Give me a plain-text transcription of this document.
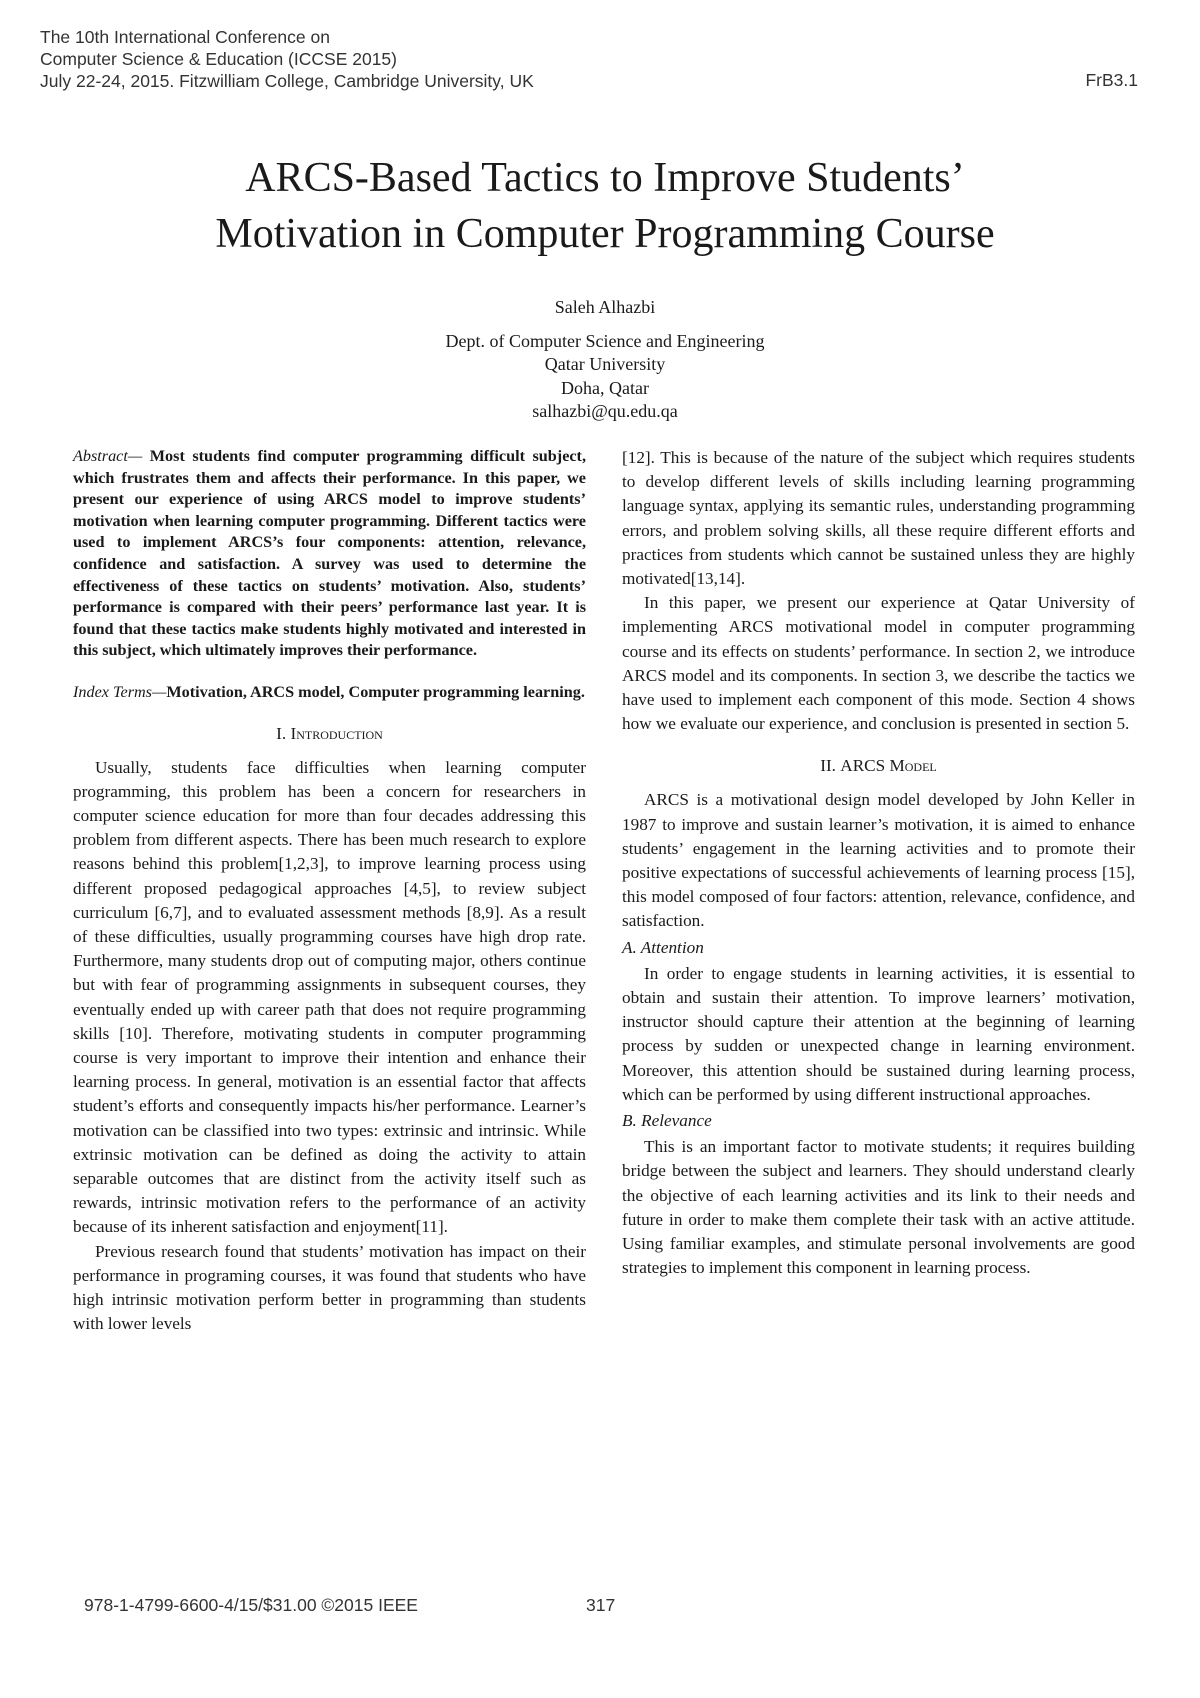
The 10th International Conference on
Computer Science & Education (ICCSE 2015)
July 22-24, 2015. Fitzwilliam College, Cambridge University, UK	FrB3.1
ARCS-Based Tactics to Improve Students’
Motivation in Computer Programming Course
Saleh Alhazbi
Dept. of Computer Science and Engineering
Qatar University
Doha, Qatar
salhazbi@qu.edu.qa

Abstract— Most students find computer programming difficult subject, which frustrates them and affects their performance. In this paper, we present our experience of using ARCS model to improve students’ motivation when learning computer programming. Different tactics were used to implement ARCS’s four components: attention, relevance, confidence and satisfaction. A survey was used to determine the effectiveness of these tactics on students’ motivation. Also, students’ performance is compared with their peers’ performance last year. It is found that these tactics make students highly motivated and interested in this subject, which ultimately improves their performance.

Index Terms—Motivation, ARCS model, Computer programming learning.

I. Introduction

Usually, students face difficulties when learning computer programming, this problem has been a concern for researchers in computer science education for more than four decades addressing this problem from different aspects. There has been much research to explore reasons behind this problem[1,2,3], to improve learning process using different proposed pedagogical approaches [4,5], to review subject curriculum [6,7], and to evaluated assessment methods [8,9]. As a result of these difficulties, usually programming courses have high drop rate. Furthermore, many students drop out of computing major, others continue but with fear of programming assignments in subsequent courses, they eventually ended up with career path that does not require programming skills [10]. Therefore, motivating students in computer programming course is very important to improve their intention and enhance their learning process. In general, motivation is an essential factor that affects student’s efforts and consequently impacts his/her performance. Learner’s motivation can be classified into two types: extrinsic and intrinsic. While extrinsic motivation can be defined as doing the activity to attain separable outcomes that are distinct from the activity itself such as rewards, intrinsic motivation refers to the performance of an activity because of its inherent satisfaction and enjoyment[11].

Previous research found that students’ motivation has impact on their performance in programing courses, it was found that students who have high intrinsic motivation perform better in programming than students with lower levels

[12]. This is because of the nature of the subject which requires students to develop different levels of skills including learning programming language syntax, applying its semantic rules, understanding programming errors, and problem solving skills, all these require different efforts and practices from students which cannot be sustained unless they are highly motivated[13,14].

In this paper, we present our experience at Qatar University of implementing ARCS motivational model in computer programming course and its effects on students’ performance. In section 2, we introduce ARCS model and its components. In section 3, we describe the tactics we have used to implement each component of this mode. Section 4 shows how we evaluate our experience, and conclusion is presented in section 5.

II. ARCS Model

ARCS is a motivational design model developed by John Keller in 1987 to improve and sustain learner’s motivation, it is aimed to enhance students’ engagement in the learning activities and to promote their positive expectations of successful achievements of learning process [15], this model composed of four factors: attention, relevance, confidence, and satisfaction.

A. Attention

In order to engage students in learning activities, it is essential to obtain and sustain their attention. To improve learners’ motivation, instructor should capture their attention at the beginning of learning process by sudden or unexpected change in learning environment. Moreover, this attention should be sustained during learning process, which can be performed by using different instructional approaches.

B. Relevance

This is an important factor to motivate students; it requires building bridge between the subject and learners. They should understand clearly the objective of each learning activities and its link to their needs and future in order to make them complete their task with an active attitude. Using familiar examples, and stimulate personal involvements are good strategies to implement this component in learning process.

978-1-4799-6600-4/15/$31.00 ©2015 IEEE	317
